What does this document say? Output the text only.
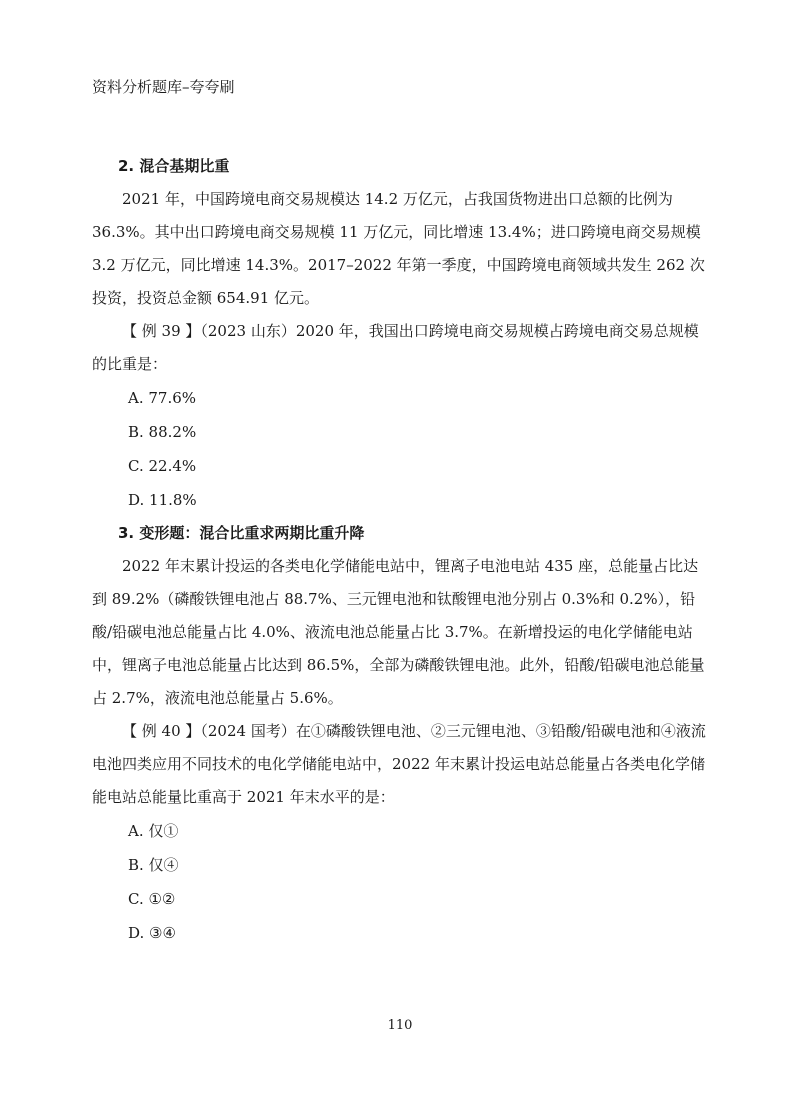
资料分析题库–夸夸刷
2. 混合基期比重

2021 年，中国跨境电商交易规模达 14.2 万亿元，占我国货物进出口总额的比例为 36.3%。其中出口跨境电商交易规模 11 万亿元，同比增速 13.4%；进口跨境电商交易规模 3.2 万亿元，同比增速 14.3%。2017–2022 年第一季度，中国跨境电商领域共发生 262 次投资，投资总金额 654.91 亿元。

【 例 39 】（2023 山东）2020 年，我国出口跨境电商交易规模占跨境电商交易总规模的比重是：

A. 77.6%
B. 88.2%
C. 22.4%
D. 11.8%
3. 变形题：混合比重求两期比重升降

2022 年末累计投运的各类电化学储能电站中，锂离子电池电站 435 座，总能量占比达到 89.2%（磷酸铁锂电池占 88.7%、三元锂电池和钛酸锂电池分别占 0.3%和 0.2%），铅酸/铅碳电池总能量占比 4.0%、液流电池总能量占比 3.7%。在新增投运的电化学储能电站中，锂离子电池总能量占比达到 86.5%，全部为磷酸铁锂电池。此外，铅酸/铅碳电池总能量占 2.7%，液流电池总能量占 5.6%。

【 例 40 】（2024 国考）在①磷酸铁锂电池、②三元锂电池、③铅酸/铅碳电池和④液流电池四类应用不同技术的电化学储能电站中，2022 年末累计投运电站总能量占各类电化学储能电站总能量比重高于 2021 年末水平的是：

A. 仅①
B. 仅④
C. ①②
D. ③④
110
